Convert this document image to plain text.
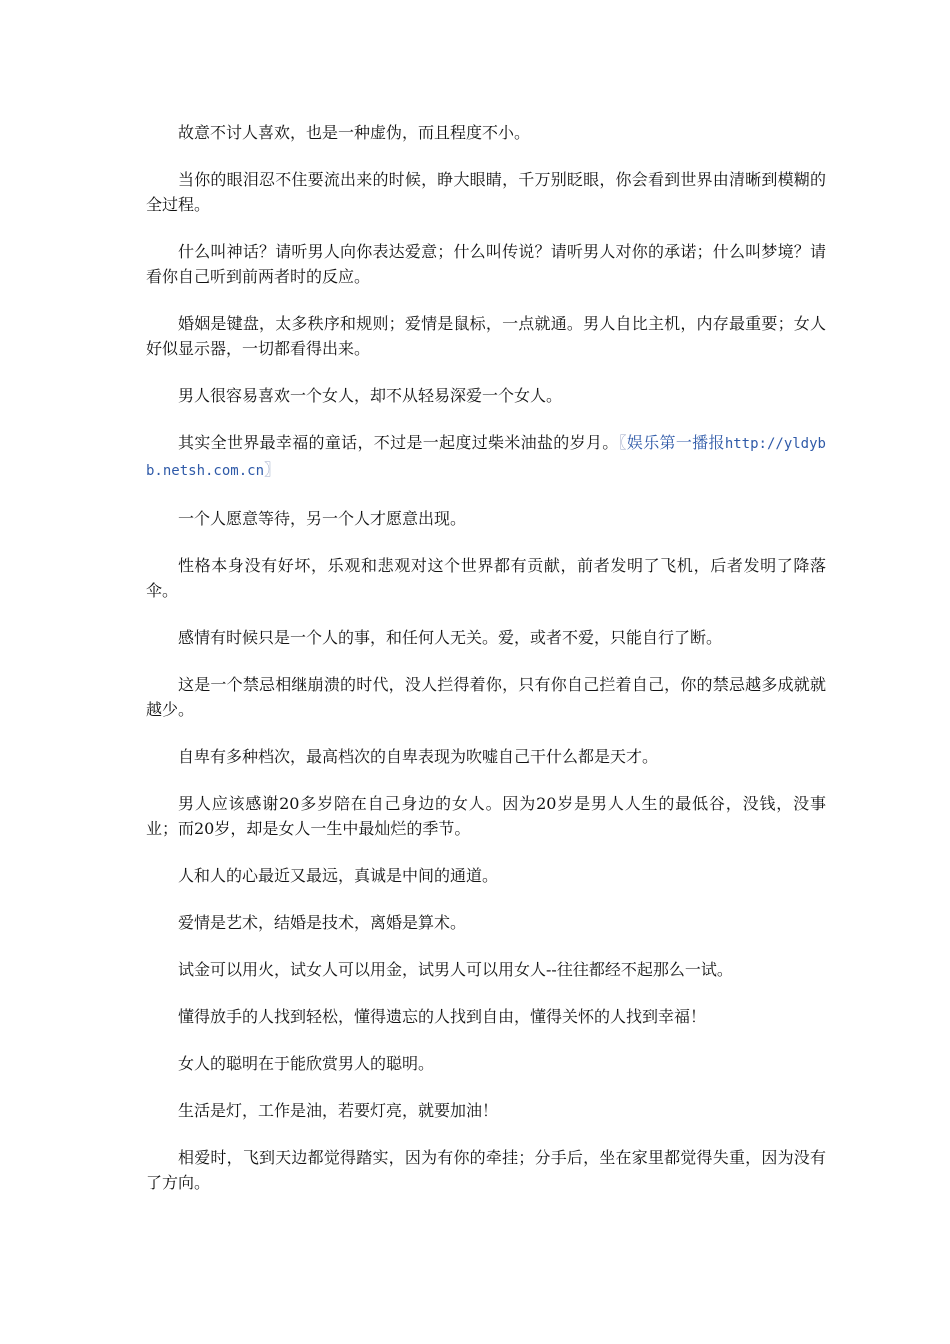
故意不讨人喜欢，也是一种虚伪，而且程度不小。

当你的眼泪忍不住要流出来的时候，睁大眼睛，千万别眨眼，你会看到世界由清晰到模糊的全过程。

什么叫神话？请听男人向你表达爱意；什么叫传说？请听男人对你的承诺；什么叫梦境？请看你自己听到前两者时的反应。

婚姻是键盘，太多秩序和规则；爱情是鼠标，一点就通。男人自比主机，内存最重要；女人好似显示器，一切都看得出来。

男人很容易喜欢一个女人，却不从轻易深爱一个女人。

其实全世界最幸福的童话，不过是一起度过柴米油盐的岁月。〖娱乐第一播报http://yldybb.netsh.com.cn〗

一个人愿意等待，另一个人才愿意出现。

性格本身没有好坏，乐观和悲观对这个世界都有贡献，前者发明了飞机，后者发明了降落伞。

感情有时候只是一个人的事，和任何人无关。爱，或者不爱，只能自行了断。

这是一个禁忌相继崩溃的时代，没人拦得着你，只有你自己拦着自己，你的禁忌越多成就就越少。

自卑有多种档次，最高档次的自卑表现为吹嘘自己干什么都是天才。

男人应该感谢20多岁陪在自己身边的女人。因为20岁是男人人生的最低谷，没钱，没事业；而20岁，却是女人一生中最灿烂的季节。

人和人的心最近又最远，真诚是中间的通道。

爱情是艺术，结婚是技术，离婚是算术。

试金可以用火，试女人可以用金，试男人可以用女人--往往都经不起那么一试。

懂得放手的人找到轻松，懂得遗忘的人找到自由，懂得关怀的人找到幸福！

女人的聪明在于能欣赏男人的聪明。

生活是灯，工作是油，若要灯亮，就要加油！

相爱时，飞到天边都觉得踏实，因为有你的牵挂；分手后，坐在家里都觉得失重，因为没有了方向。
